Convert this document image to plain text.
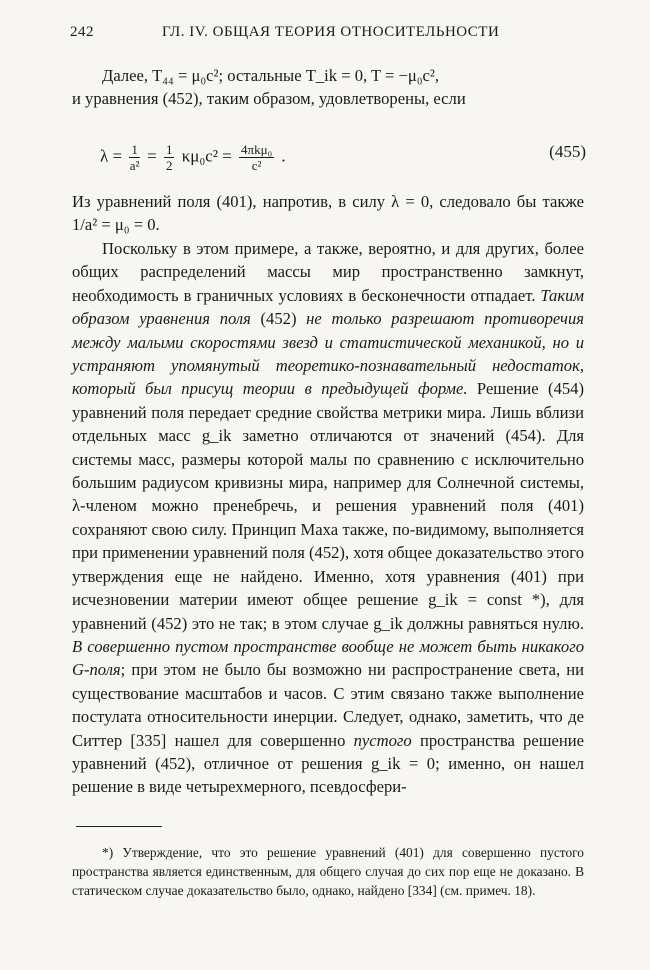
242	ГЛ. IV. ОБЩАЯ ТЕОРИЯ ОТНОСИТЕЛЬНОСТИ

Далее, T₄₄ = μ₀c²; остальные T_ik = 0, T = −μ₀c²,

и уравнения (452), таким образом, удовлетворены, если

$\lambda = \frac{1}{\text{a²}} = \frac{1}{2} \kappa\mu_0c^2 = \frac{\text{4πkμ₀}}{\text{c²}}$ .	(455)

Из уравнений поля (401), напротив, в силу λ = 0, следовало бы также 1/a² = μ₀ = 0.

Поскольку в этом примере, а также, вероятно, и для других, более общих распределений массы мир пространственно замкнут, необходимость в граничных условиях в бесконечности отпадает. Таким образом уравнения поля (452) не только разрешают противоречия между малыми скоростями звезд и статистической механикой, но и устраняют упомянутый теоретико-познавательный недостаток, который был присущ теории в предыдущей форме. Решение (454) уравнений поля передает средние свойства метрики мира. Лишь вблизи отдельных масс g_ik заметно отличаются от значений (454). Для системы масс, размеры которой малы по сравнению с исключительно большим радиусом кривизны мира, например для Солнечной системы, λ-членом можно пренебречь, и решения уравнений поля (401) сохраняют свою силу. Принцип Маха также, по-видимому, выполняется при применении уравнений поля (452), хотя общее доказательство этого утверждения еще не найдено. Именно, хотя уравнения (401) при исчезновении материи имеют общее решение g_ik = const *), для уравнений (452) это не так; в этом случае g_ik должны равняться нулю. В совершенно пустом пространстве вообще не может быть никакого G-поля; при этом не было бы возможно ни распространение света, ни существование масштабов и часов. С этим связано также выполнение постулата относительности инерции. Следует, однако, заметить, что де Ситтер [335] нашел для совершенно пустого пространства решение уравнений (452), отличное от решения g_ik = 0; именно, он нашел решение в виде четырехмерного, псевдосфери-

*) Утверждение, что это решение уравнений (401) для совершенно пустого пространства является единственным, для общего случая до сих пор еще не доказано. В статическом случае доказательство было, однако, найдено [334] (см. примеч. 18).
